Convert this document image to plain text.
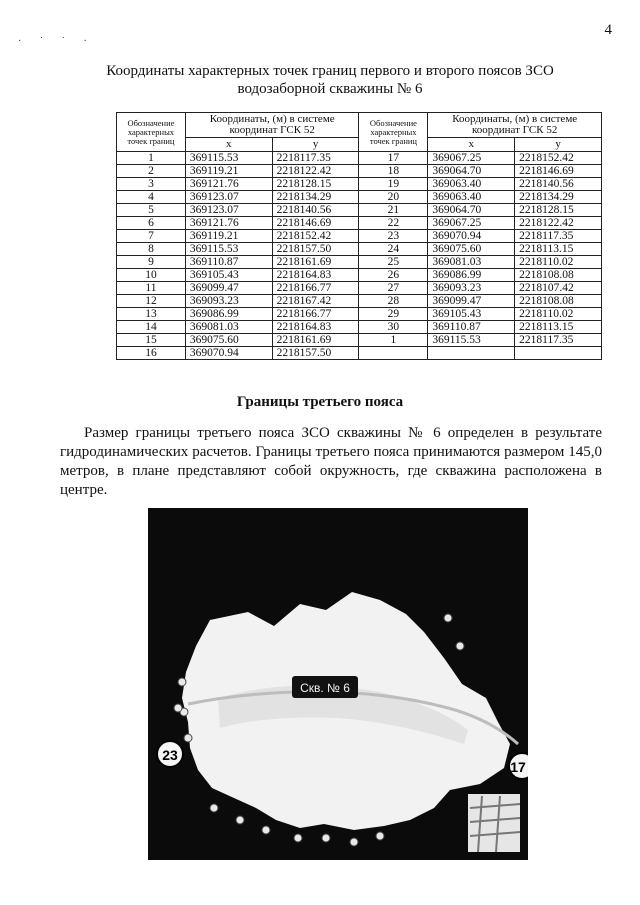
· ˙ ˙ ·
4
Координаты характерных точек границ первого и второго поясов ЗСО
водозаборной скважины № 6
Обозначение характерных точек границ	Координаты, (м) в системе координат ГСК 52		Обозначение характерных точек границ	Координаты, (м) в системе координат ГСК 52	
	x	y		x	y
1	369115.53	2218117.35	17	369067.25	2218152.42
2	369119.21	2218122.42	18	369064.70	2218146.69
3	369121.76	2218128.15	19	369063.40	2218140.56
4	369123.07	2218134.29	20	369063.40	2218134.29
5	369123.07	2218140.56	21	369064.70	2218128.15
6	369121.76	2218146.69	22	369067.25	2218122.42
7	369119.21	2218152.42	23	369070.94	2218117.35
8	369115.53	2218157.50	24	369075.60	2218113.15
9	369110.87	2218161.69	25	369081.03	2218110.02
10	369105.43	2218164.83	26	369086.99	2218108.08
11	369099.47	2218166.77	27	369093.23	2218107.42
12	369093.23	2218167.42	28	369099.47	2218108.08
13	369086.99	2218166.77	29	369105.43	2218110.02
14	369081.03	2218164.83	30	369110.87	2218113.15
15	369075.60	2218161.69	1	369115.53	2218117.35
16	369070.94	2218157.50			
Границы третьего пояса
Размер границы третьего пояса ЗСО скважины № 6 определен в результате гидродинамических расчетов. Границы третьего пояса принимаются размером 145,0 метров, в плане представляют собой окружность, где скважина расположена в центре.
Скв. № 6
23
17
